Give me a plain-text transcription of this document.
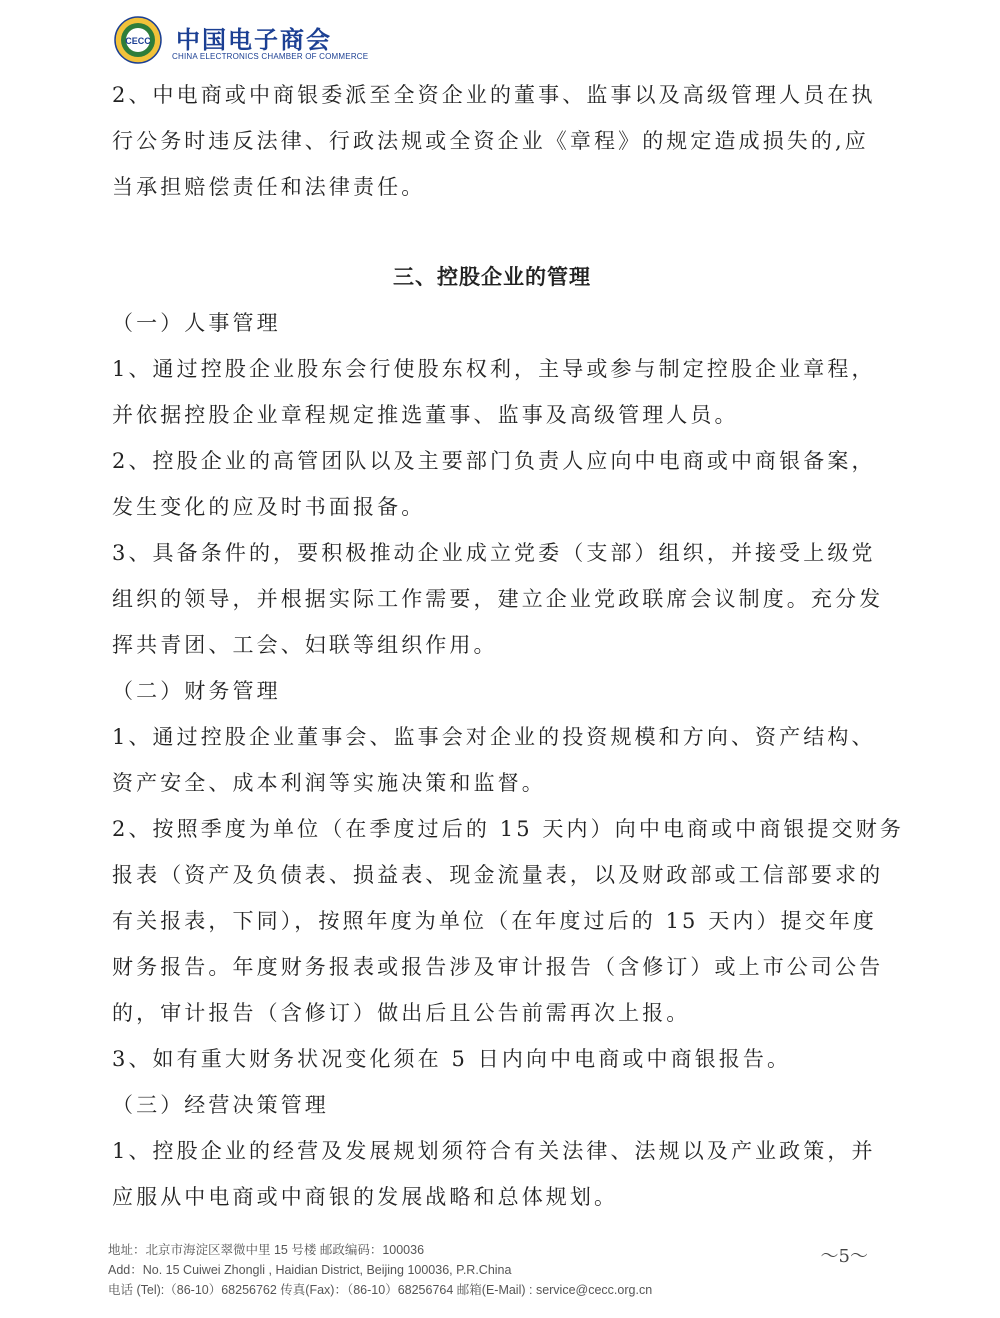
CECC 中国电子商会
CHINA ELECTRONICS CHAMBER OF COMMERCE

2、中电商或中商银委派至全资企业的董事、监事以及高级管理人员在执

行公务时违反法律、行政法规或全资企业《章程》的规定造成损失的,应

当承担赔偿责任和法律责任。

三、控股企业的管理

（一）人事管理

1、通过控股企业股东会行使股东权利，主导或参与制定控股企业章程，

并依据控股企业章程规定推选董事、监事及高级管理人员。

2、控股企业的高管团队以及主要部门负责人应向中电商或中商银备案，

发生变化的应及时书面报备。

3、具备条件的，要积极推动企业成立党委（支部）组织，并接受上级党

组织的领导，并根据实际工作需要，建立企业党政联席会议制度。充分发

挥共青团、工会、妇联等组织作用。

（二）财务管理

1、通过控股企业董事会、监事会对企业的投资规模和方向、资产结构、

资产安全、成本利润等实施决策和监督。

2、按照季度为单位（在季度过后的 15 天内）向中电商或中商银提交财务

报表（资产及负债表、损益表、现金流量表，以及财政部或工信部要求的

有关报表，下同），按照年度为单位（在年度过后的 15 天内）提交年度

财务报告。年度财务报表或报告涉及审计报告（含修订）或上市公司公告

的，审计报告（含修订）做出后且公告前需再次上报。

3、如有重大财务状况变化须在 5 日内向中电商或中商银报告。

（三）经营决策管理

1、控股企业的经营及发展规划须符合有关法律、法规以及产业政策，并

应服从中电商或中商银的发展战略和总体规划。

地址：北京市海淀区翠微中里 15 号楼 邮政编码：100036
Add：No. 15 Cuiwei Zhongli , Haidian District, Beijing 100036, P.R.China
电话 (Tel):（86-10）68256762 传真(Fax)：（86-10）68256764 邮箱(E-Mail) : service@cecc.org.cn
～5～
